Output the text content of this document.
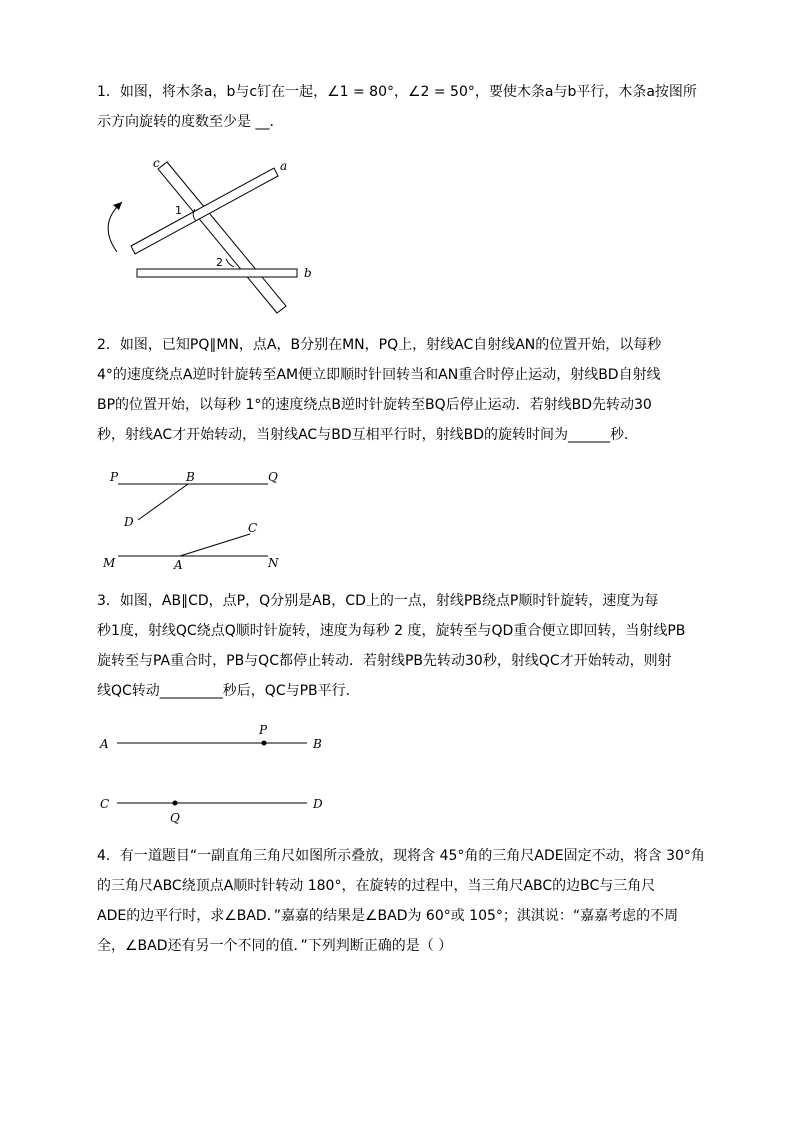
1．如图，将木条a，b与c钉在一起，∠1 = 80°，∠2 = 50°，要使木条a与b平行，木条a按图所
示方向旋转的度数至少是 __.
c	a
b
1
2
2．如图，已知PQ∥MN，点A，B分别在MN，PQ上，射线AC自射线AN的位置开始，以每秒
4°的速度绕点A逆时针旋转至AM便立即顺时针回转当和AN重合时停止运动，射线BD自射线
BP的位置开始，以每秒 1°的速度绕点B逆时针旋转至BQ后停止运动．若射线BD先转动30
秒，射线AC才开始转动，当射线AC与BD互相平行时，射线BD的旋转时间为______秒．
P	B	Q
D	C
M	A	N
3．如图，AB∥CD，点P，Q分别是AB，CD上的一点，射线PB绕点P顺时针旋转，速度为每
秒1度，射线QC绕点Q顺时针旋转，速度为每秒 2 度，旋转至与QD重合便立即回转，当射线PB
旋转至与PA重合时，PB与QC都停止转动．若射线PB先转动30秒，射线QC才开始转动，则射
线QC转动_________秒后，QC与PB平行．
A
P
B
C
Q
D
4．有一道题目“一副直角三角尺如图所示叠放，现将含 45°角的三角尺ADE固定不动，将含 30°角
的三角尺ABC绕顶点A顺时针转动 180°，在旋转的过程中，当三角尺ABC的边BC与三角尺
ADE的边平行时，求∠BAD．”嘉嘉的结果是∠BAD为 60°或 105°；淇淇说：“嘉嘉考虑的不周
全，∠BAD还有另一个不同的值．”下列判断正确的是（ ）
